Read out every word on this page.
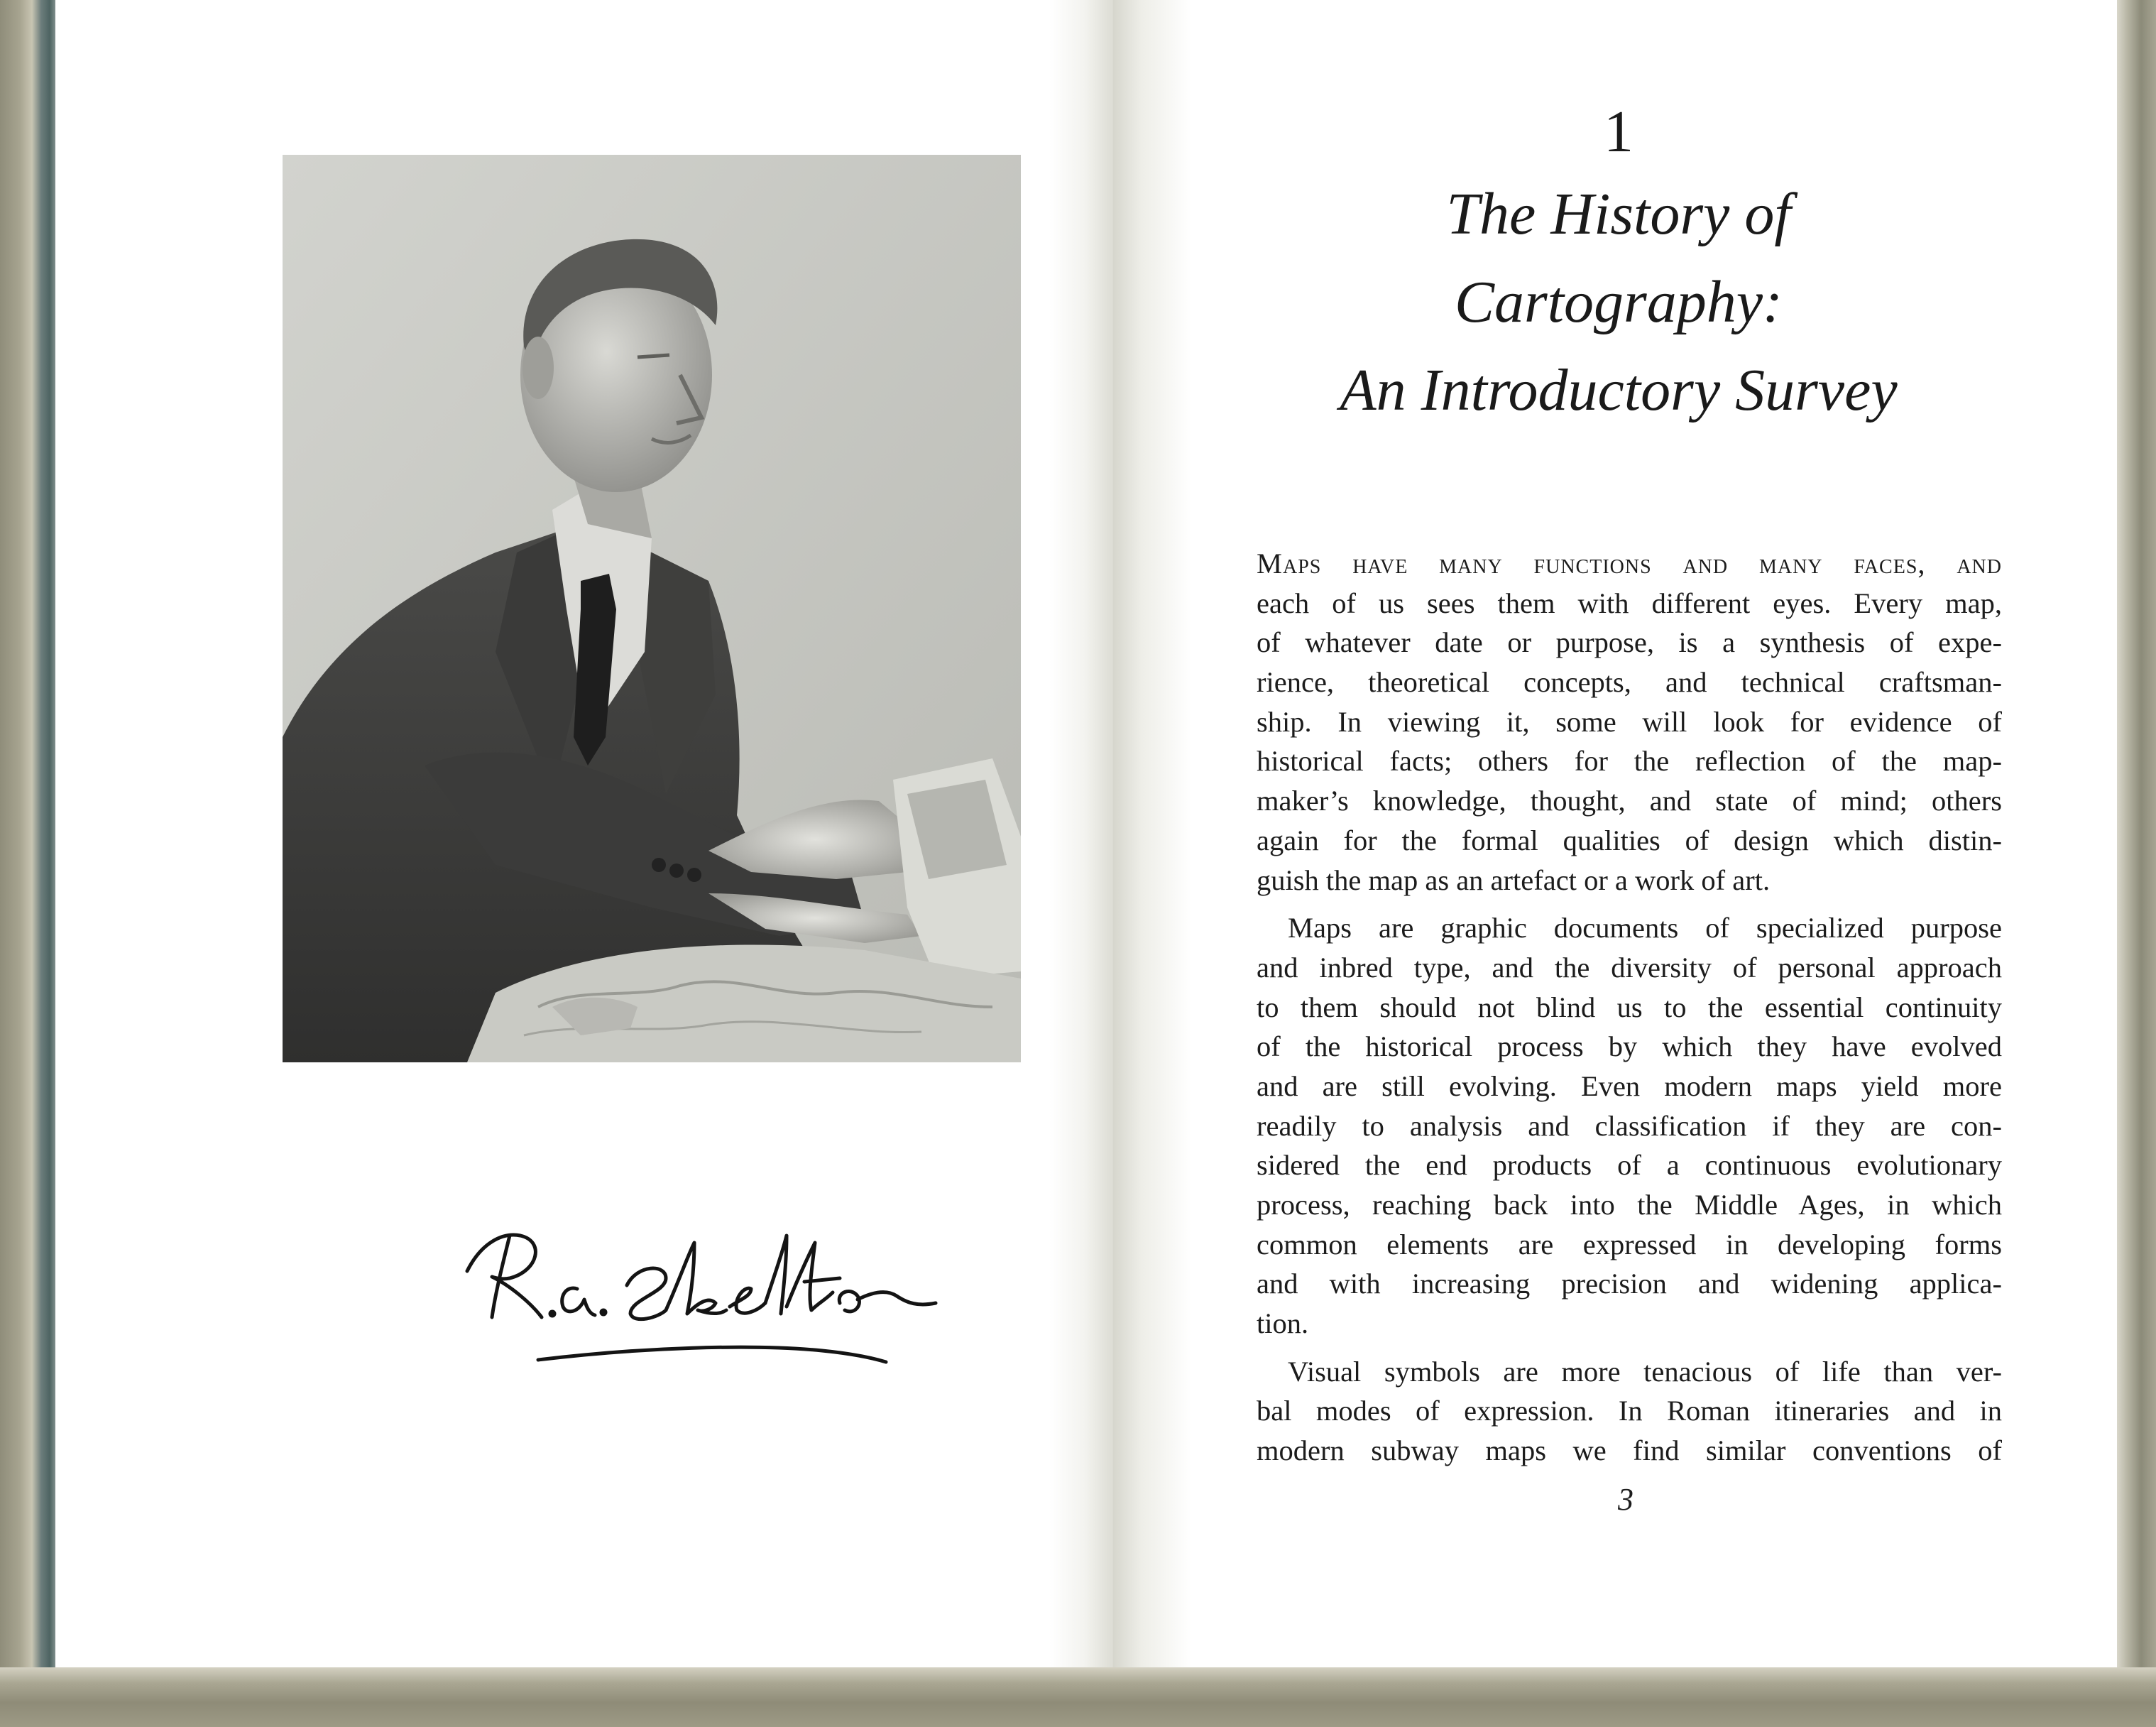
1
The History of
Cartography:
An Introductory Survey
Maps have many functions and many faces, and
each of us sees them with different eyes. Every map,
of whatever date or purpose, is a synthesis of expe-
rience, theoretical concepts, and technical craftsman-
ship. In viewing it, some will look for evidence of
historical facts; others for the reflection of the map-
maker’s knowledge, thought, and state of mind; others
again for the formal qualities of design which distin-
guish the map as an artefact or a work of art.
Maps are graphic documents of specialized purpose
and inbred type, and the diversity of personal approach
to them should not blind us to the essential continuity
of the historical process by which they have evolved
and are still evolving. Even modern maps yield more
readily to analysis and classification if they are con-
sidered the end products of a continuous evolutionary
process, reaching back into the Middle Ages, in which
common elements are expressed in developing forms
and with increasing precision and widening applica-
tion.
Visual symbols are more tenacious of life than ver-
bal modes of expression. In Roman itineraries and in
modern subway maps we find similar conventions of
3
